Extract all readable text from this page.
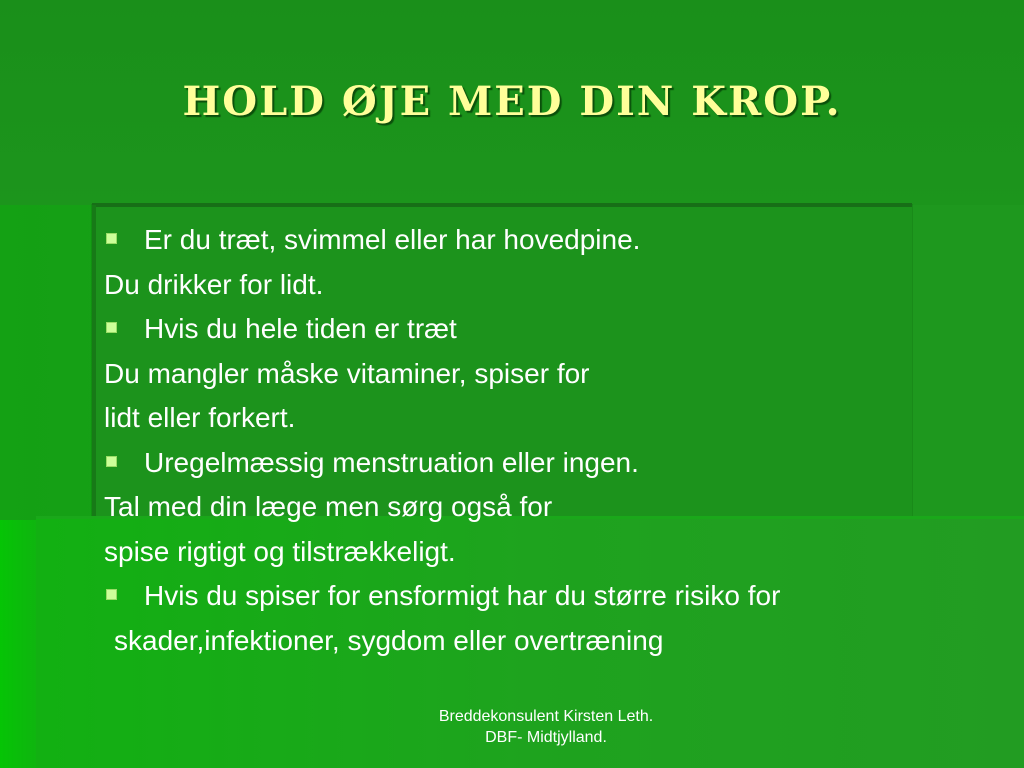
HOLD ØJE MED DIN KROP.
Er du træt, svimmel eller har hovedpine.
Du drikker for lidt.
Hvis du hele tiden er træt
Du mangler måske vitaminer, spiser for
lidt eller forkert.
Uregelmæssig menstruation eller ingen.
Tal med din læge men sørg også for
spise rigtigt og tilstrækkeligt.
Hvis du spiser for ensformigt har du større risiko for
skader,infektioner, sygdom eller overtræning
Breddekonsulent Kirsten Leth.
DBF- Midtjylland.
